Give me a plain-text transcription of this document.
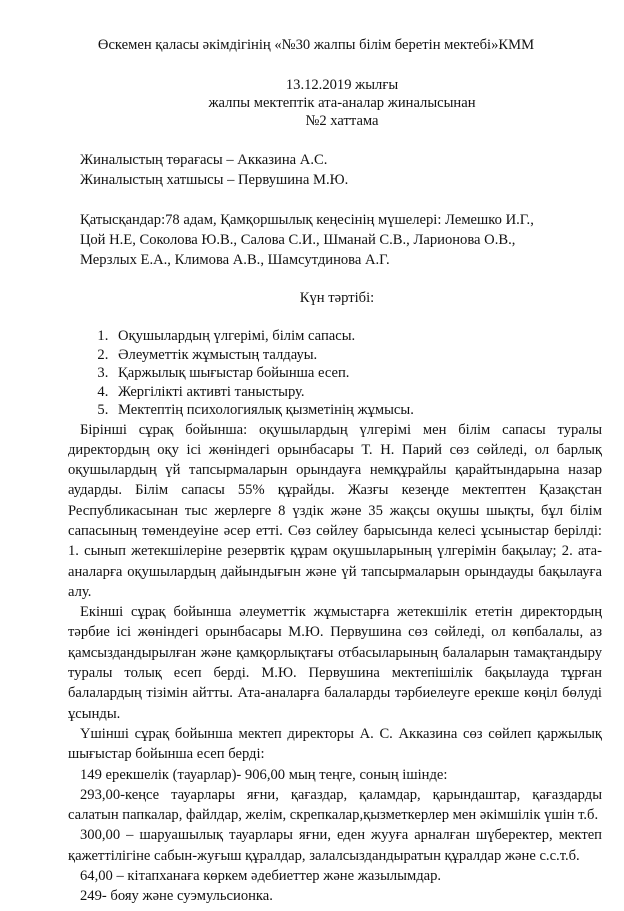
Өскемен қаласы әкімдігінің «№30 жалпы білім беретін мектебі»КММ
13.12.2019 жылғы
жалпы мектептік ата-аналар жиналысынан
№2 хаттама
Жиналыстың төрағасы – Акказина А.С.
Жиналыстың хатшысы – Первушина М.Ю.
Қатысқандар:78 адам, Қамқоршылық кеңесінің мүшелері: Лемешко И.Г.,
Цой Н.Е, Соколова Ю.В., Салова С.И., Шманай С.В., Ларионова О.В.,
Мерзлых Е.А., Климова А.В., Шамсутдинова А.Г.
Күн тәртібі:
1. Оқушылардың үлгерімі, білім сапасы.
2. Әлеуметтік жұмыстың талдауы.
3. Қаржылық шығыстар бойынша есеп.
4. Жергілікті активті таныстыру.
5. Мектептің психологиялық қызметінің жұмысы.

Бірінші сұрақ бойынша: оқушылардың үлгерімі мен білім сапасы туралы директордың оқу ісі жөніндегі орынбасары Т. Н. Парий сөз сөйледі, ол барлық оқушылардың үй тапсырмаларын орындауға немқұрайлы қарайтындарына назар аударды. Білім сапасы 55% құрайды. Жазғы кезеңде мектептен Қазақстан Республикасынан тыс жерлерге 8 үздік және 35 жақсы оқушы шықты, бұл білім сапасының төмендеуіне әсер етті. Сөз сөйлеу барысында келесі ұсыныстар берілді: 1. сынып жетекшілеріне резервтік құрам оқушыларының үлгерімін бақылау; 2. ата-аналарға оқушылардың дайындығын және үй тапсырмаларын орындауды бақылауға алу.

Екінші сұрақ бойынша әлеуметтік жұмыстарға жетекшілік ететін директордың тәрбие ісі жөніндегі орынбасары М.Ю. Первушина сөз сөйледі, ол көпбалалы, аз қамсыздандырылған және қамқорлықтағы отбасыларының балаларын тамақтандыру туралы толық есеп берді. М.Ю. Первушина мектепішілік бақылауда тұрған балалардың тізімін айтты. Ата-аналарға балаларды тәрбиелеуге ерекше көңіл бөлуді ұсынды.

Үшінші сұрақ бойынша мектеп директоры А. С. Акказина сөз сөйлеп қаржылық шығыстар бойынша есеп берді:

149 ерекшелік (тауарлар)- 906,00 мың теңге, соның ішінде:

293,00-кеңсе тауарлары яғни, қағаздар, қаламдар, қарындаштар, қағаздарды салатын папкалар, файлдар, желім, скрепкалар,қызметкерлер мен әкімшілік үшін т.б.

300,00 – шаруашылық тауарлары яғни, еден жууға арналған шүберектер, мектеп қажеттілігіне сабын-жуғыш құралдар, залалсыздандыратын құралдар және с.с.т.б.

64,00 – кітапханаға көркем әдебиеттер және жазылымдар.

249- бояу және суэмульсионка.
